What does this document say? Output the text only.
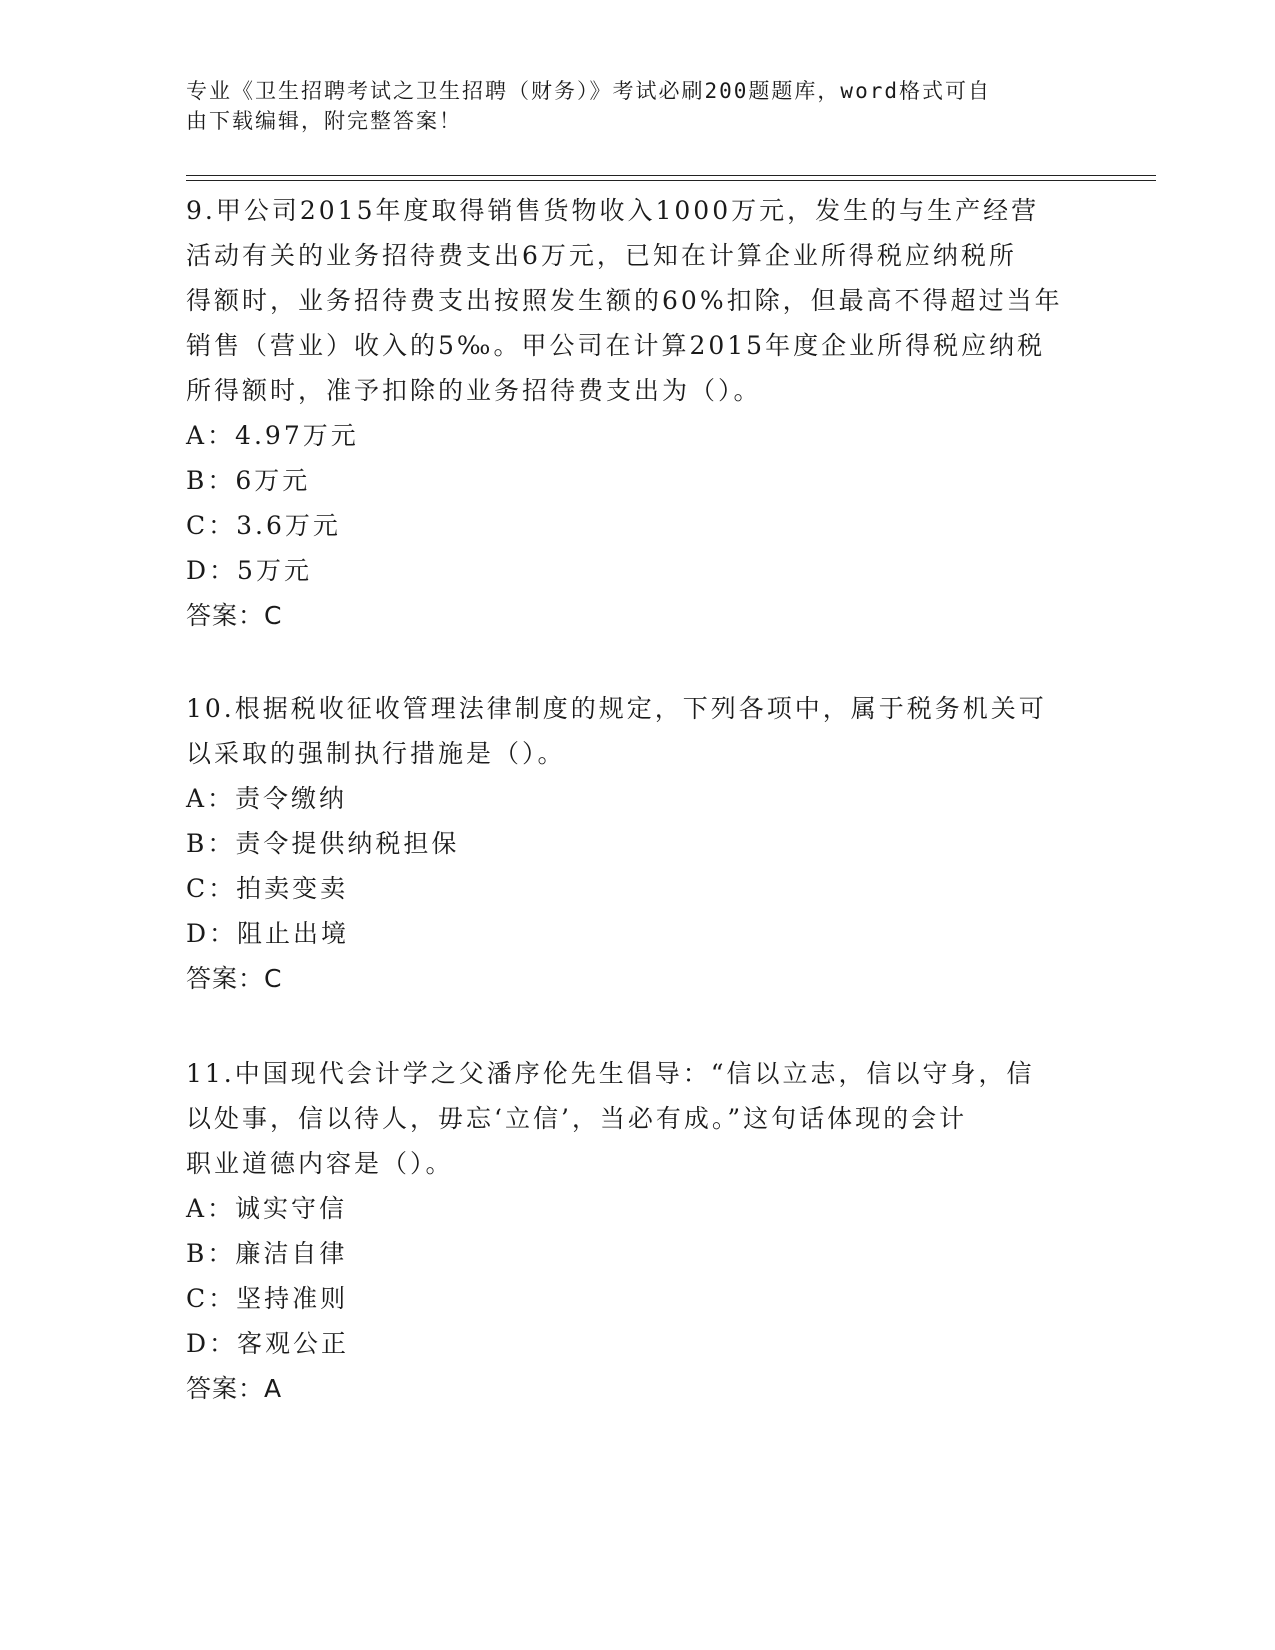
专业《卫生招聘考试之卫生招聘（财务）》考试必刷200题题库，word格式可自
由下载编辑，附完整答案！

9.甲公司2015年度取得销售货物收入1000万元，发生的与生产经营

活动有关的业务招待费支出6万元，已知在计算企业所得税应纳税所

得额时，业务招待费支出按照发生额的60%扣除，但最高不得超过当年

销售（营业）收入的5‰。甲公司在计算2015年度企业所得税应纳税

所得额时，准予扣除的业务招待费支出为（）。

A：4.97万元

B：6万元

C：3.6万元

D：5万元

答案：C

10.根据税收征收管理法律制度的规定，下列各项中，属于税务机关可

以采取的强制执行措施是（）。

A：责令缴纳

B：责令提供纳税担保

C：拍卖变卖

D：阻止出境

答案：C

11.中国现代会计学之父潘序伦先生倡导：“信以立志，信以守身，信

以处事，信以待人，毋忘‘立信’，当必有成。”这句话体现的会计

职业道德内容是（）。

A：诚实守信

B：廉洁自律

C：坚持准则

D：客观公正

答案：A
